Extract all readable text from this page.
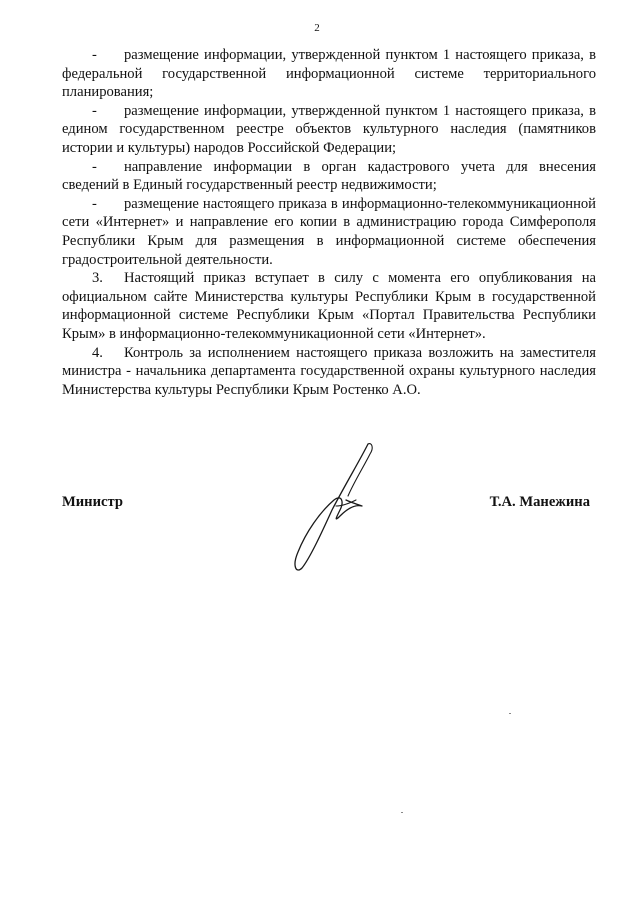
2

- размещение информации, утвержденной пунктом 1 настоящего приказа, в федеральной государственной информационной системе территориального планирования;

- размещение информации, утвержденной пунктом 1 настоящего приказа, в едином государственном реестре объектов культурного наследия (памятников истории и культуры) народов Российской Федерации;

- направление информации в орган кадастрового учета для внесения сведений в Единый государственный реестр недвижимости;

- размещение настоящего приказа в информационно-телекоммуникационной сети «Интернет» и направление его копии в администрацию города Симферополя Республики Крым для размещения в информационной системе обеспечения градостроительной деятельности.

3. Настоящий приказ вступает в силу с момента его опубликования на официальном сайте Министерства культуры Республики Крым в государственной информационной системе Республики Крым «Портал Правительства Республики Крым» в информационно-телекоммуникационной сети «Интернет».

4. Контроль за исполнением настоящего приказа возложить на заместителя министра - начальника департамента государственной охраны культурного наследия Министерства культуры Республики Крым Ростенко А.О.

Министр	Т.А. Манежина
